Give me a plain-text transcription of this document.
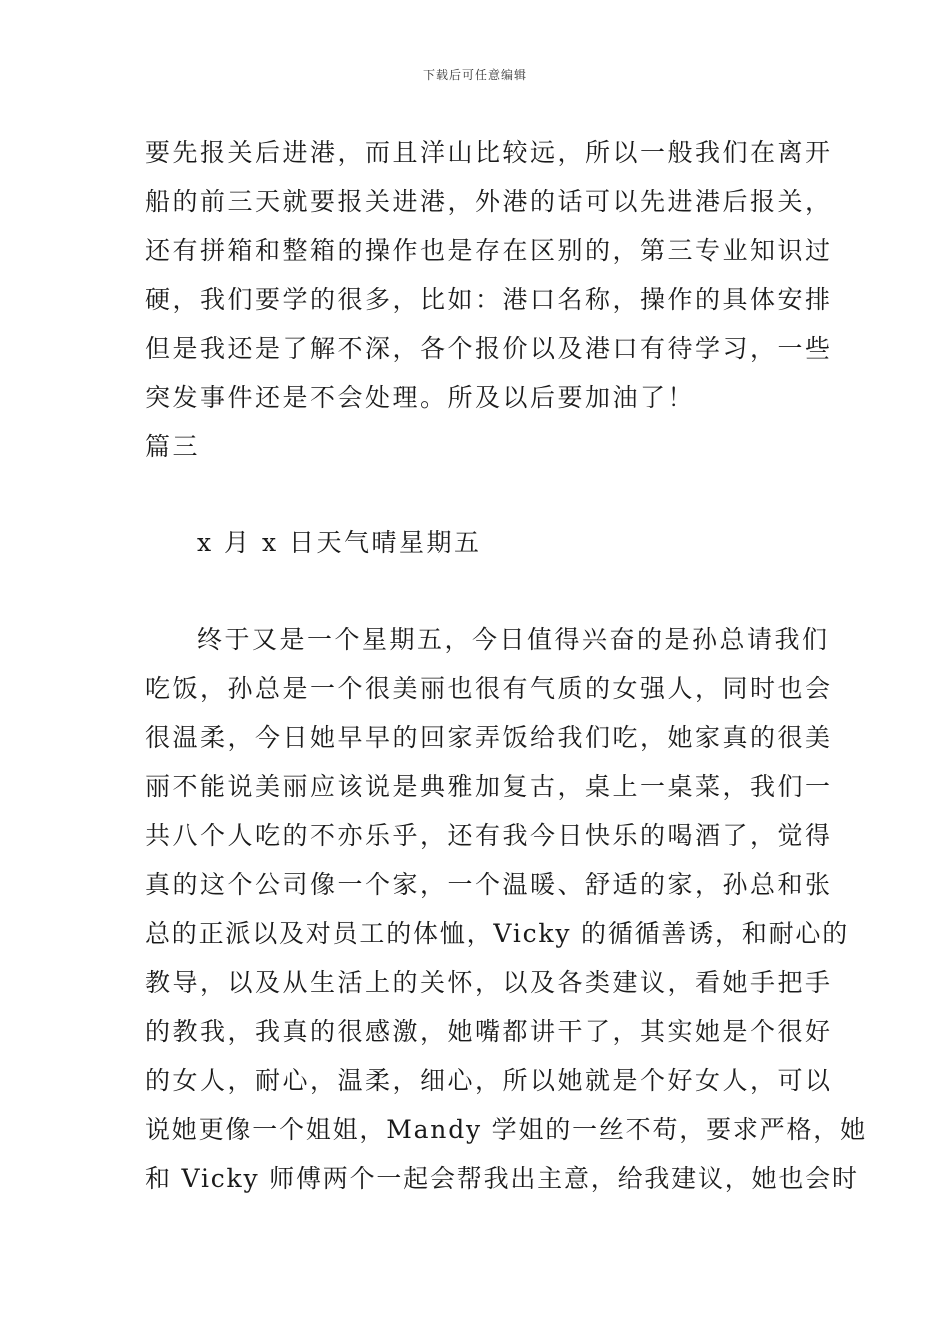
下载后可任意编辑
要先报关后进港，而且洋山比较远，所以一般我们在离开
船的前三天就要报关进港，外港的话可以先进港后报关，
还有拼箱和整箱的操作也是存在区别的，第三专业知识过
硬，我们要学的很多，比如：港口名称，操作的具体安排
但是我还是了解不深，各个报价以及港口有待学习，一些
突发事件还是不会处理。所及以后要加油了！
篇三
x 月 x 日天气晴星期五
终于又是一个星期五，今日值得兴奋的是孙总请我们
吃饭，孙总是一个很美丽也很有气质的女强人，同时也会
很温柔，今日她早早的回家弄饭给我们吃，她家真的很美
丽不能说美丽应该说是典雅加复古，桌上一桌菜，我们一
共八个人吃的不亦乐乎，还有我今日快乐的喝酒了，觉得
真的这个公司像一个家，一个温暖、舒适的家，孙总和张
总的正派以及对员工的体恤，Vicky 的循循善诱，和耐心的
教导，以及从生活上的关怀，以及各类建议，看她手把手
的教我，我真的很感激，她嘴都讲干了，其实她是个很好
的女人，耐心，温柔，细心，所以她就是个好女人，可以
说她更像一个姐姐，Mandy 学姐的一丝不苟，要求严格，她
和 Vicky 师傅两个一起会帮我出主意，给我建议，她也会时
